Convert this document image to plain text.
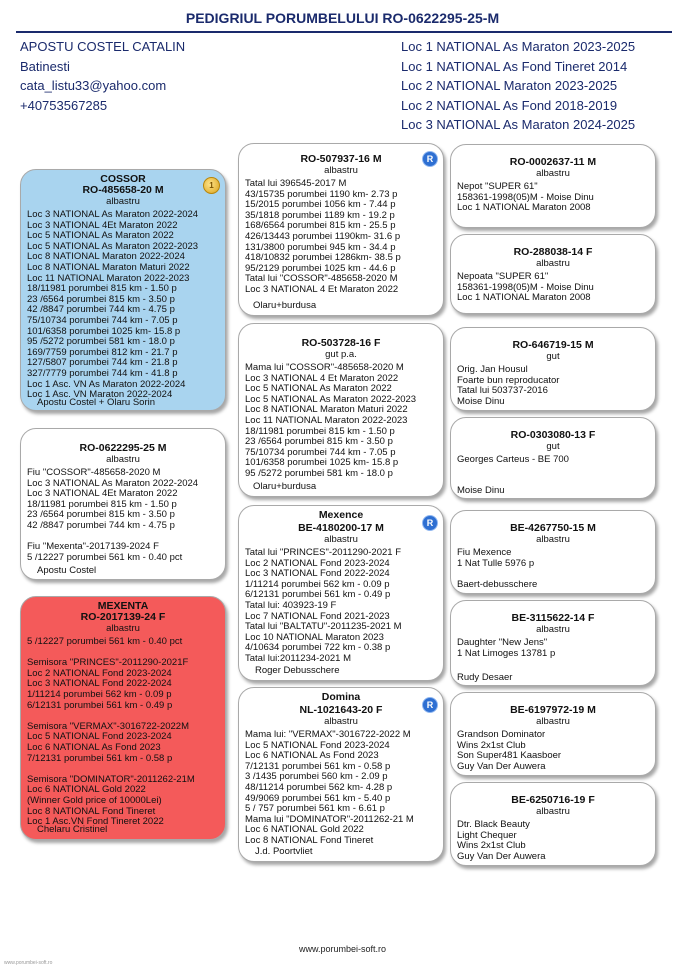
PEDIGRIUL PORUMBELULUI RO-0622295-25-M
APOSTU COSTEL CATALIN
Batinesti
cata_listu33@yahoo.com
+40753567285
Loc 1 NATIONAL As Maraton 2023-2025
Loc 1 NATIONAL As Fond Tineret 2014
Loc 2 NATIONAL Maraton 2023-2025
Loc 2 NATIONAL As Fond 2018-2019
Loc 3 NATIONAL As Maraton 2024-2025
COSSOR
RO-485658-20 M
albastru
Loc 3 NATIONAL As Maraton 2022-2024
Loc 3 NATIONAL 4Et Maraton 2022
Loc 5 NATIONAL As Maraton 2022
Loc 5 NATIONAL As Maraton 2022-2023
Loc 8 NATIONAL Maraton 2022-2024
Loc 8 NATIONAL Maraton Maturi 2022
Loc 11 NATIONAL Maraton 2022-2023
18/11981 porumbei 815 km - 1.50 p
23 /6564 porumbei 815 km - 3.50 p
42 /8847 porumbei 744 km - 4.75 p
75/10734 porumbei 744 km - 7.05 p
101/6358 porumbei 1025 km- 15.8 p
95 /5272 porumbei 581 km - 18.0 p
169/7759 porumbei 812 km - 21.7 p
127/5807 porumbei 744 km - 21.8 p
327/7779 porumbei 744 km - 41.8 p
Loc 1 Asc. VN As Maraton 2022-2024
Loc 1 Asc. VN Maraton 2022-2024
Apostu Costel + Olaru Sorin
1
RO-0622295-25 M
albastru
Fiu "COSSOR"-485658-2020 M
Loc 3 NATIONAL As Maraton 2022-2024
Loc 3 NATIONAL 4Et Maraton 2022
18/11981 porumbei 815 km - 1.50 p
23 /6564 porumbei 815 km - 3.50 p
42 /8847 porumbei 744 km - 4.75 p
Fiu "Mexenta"-2017139-2024 F
5 /12227 porumbei 561 km - 0.40 pct
Apostu Costel
MEXENTA
RO-2017139-24 F
albastru
5 /12227 porumbei 561 km - 0.40 pct
Semisora "PRINCES"-2011290-2021F
Loc 2 NATIONAL Fond 2023-2024
Loc 3 NATIONAL Fond 2022-2024
1/11214 porumbei 562 km - 0.09 p
6/12131 porumbei 561 km - 0.49 p
Semisora "VERMAX"-3016722-2022M
Loc 5 NATIONAL Fond 2023-2024
Loc 6 NATIONAL As Fond 2023
7/12131 porumbei 561 km - 0.58 p
Semisora "DOMINATOR"-2011262-21M
Loc 6 NATIONAL Gold 2022
(Winner Gold price of 10000Lei)
Loc 8 NATIONAL Fond Tineret
Loc 1 Asc.VN Fond Tineret 2022
Chelaru Cristinel
RO-507937-16 M
albastru
Tatal lui 396545-2017 M
43/15735 porumbei 1190 km- 2.73 p
15/2015 porumbei 1056 km - 7.44 p
35/1818 porumbei 1189 km - 19.2 p
168/6564 porumbei 815 km - 25.5 p
426/13443 porumbei 1190km- 31.6 p
131/3800 porumbei 945 km - 34.4 p
418/10832 porumbei 1286km- 38.5 p
95/2129 porumbei 1025 km - 44.6 p
Tatal lui "COSSOR"-485658-2020 M
Loc 3 NATIONAL 4 Et Maraton 2022
Olaru+burdusa
R
RO-503728-16 F
gut p.a.
Mama lui "COSSOR"-485658-2020 M
Loc 3 NATIONAL 4 Et Maraton 2022
Loc 5 NATIONAL As Maraton 2022
Loc 5 NATIONAL As Maraton 2022-2023
Loc 8 NATIONAL Maraton Maturi 2022
Loc 11 NATIONAL Maraton 2022-2023
18/11981 porumbei 815 km - 1.50 p
23 /6564 porumbei 815 km - 3.50 p
75/10734 porumbei 744 km - 7.05 p
101/6358 porumbei 1025 km- 15.8 p
95 /5272 porumbei 581 km - 18.0 p
Olaru+burdusa
Mexence
BE-4180200-17 M
albastru
Tatal lui "PRINCES"-2011290-2021 F
Loc 2 NATIONAL Fond 2023-2024
Loc 3 NATIONAL Fond 2022-2024
1/11214 porumbei 562 km - 0.09 p
6/12131 porumbei 561 km - 0.49 p
Tatal lui: 403923-19 F
Loc 7 NATIONAL Fond 2021-2023
Tatal lui "BALTATU"-2011235-2021 M
Loc 10 NATIONAL Maraton 2023
4/10634 porumbei 722 km - 0.38 p
Tatal lui:2011234-2021 M
Roger Debusschere
R
Domina
NL-1021643-20 F
albastru
Mama lui: "VERMAX"-3016722-2022 M
Loc 5 NATIONAL Fond 2023-2024
Loc 6 NATIONAL As Fond 2023
7/12131 porumbei 561 km - 0.58 p
3 /1435 porumbei 560 km - 2.09 p
48/11214 porumbei 562 km- 4.28 p
49/9069 porumbei 561 km - 5.40 p
5 / 757 porumbei 561 km - 6.61 p
Mama lui "DOMINATOR"-2011262-21 M
Loc 6 NATIONAL Gold 2022
Loc 8 NATIONAL Fond Tineret
J.d. Poortvliet
R
RO-0002637-11 M
albastru
Nepot "SUPER 61"
158361-1998(05)M - Moise Dinu
Loc 1 NATIONAL Maraton 2008
RO-288038-14 F
albastru
Nepoata "SUPER 61"
158361-1998(05)M - Moise Dinu
Loc 1 NATIONAL Maraton 2008
RO-646719-15 M
gut
Orig. Jan Housul
Foarte bun reproducator
Tatal lui 503737-2016
Moise Dinu
RO-0303080-13 F
gut
Georges Carteus - BE 700
Moise Dinu
BE-4267750-15 M
albastru
Fiu Mexence
1 Nat Tulle 5976 p
Baert-debusschere
BE-3115622-14 F
albastru
Daughter "New Jens"
1 Nat Limoges 13781 p
Rudy Desaer
BE-6197972-19 M
albastru
Grandson Dominator
Wins 2x1st Club
Son Super481 Kaasboer
Guy Van Der Auwera
BE-6250716-19 F
albastru
Dtr. Black Beauty
Light Chequer
Wins 2x1st Club
Guy Van Der Auwera
www.porumbei-soft.ro
www.porumbei-soft.ro
